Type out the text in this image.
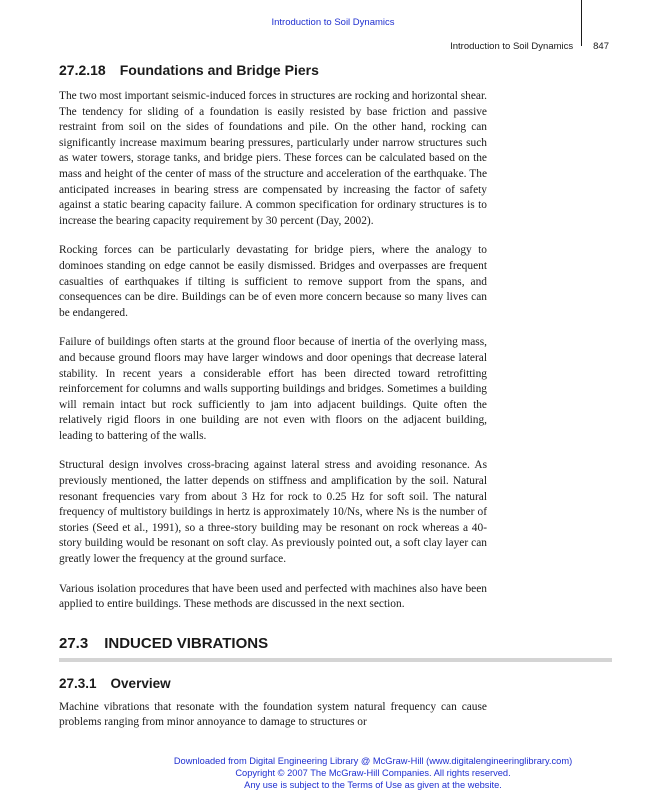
Introduction to Soil Dynamics
Introduction to Soil Dynamics 847
27.2.18 Foundations and Bridge Piers

The two most important seismic-induced forces in structures are rocking and horizontal shear. The tendency for sliding of a foundation is easily resisted by base friction and passive restraint from soil on the sides of foundations and pile. On the other hand, rocking can significantly increase maximum bearing pressures, particularly under narrow structures such as water towers, storage tanks, and bridge piers. These forces can be calculated based on the mass and height of the center of mass of the structure and acceleration of the earthquake. The anticipated increases in bearing stress are compensated by increasing the factor of safety against a static bearing capacity failure. A common specification for ordinary structures is to increase the bearing capacity requirement by 30 percent (Day, 2002).

Rocking forces can be particularly devastating for bridge piers, where the analogy to dominoes standing on edge cannot be easily dismissed. Bridges and overpasses are frequent casualties of earthquakes if tilting is sufficient to remove support from the spans, and consequences can be dire. Buildings can be of even more concern because so many lives can be endangered.

Failure of buildings often starts at the ground floor because of inertia of the overlying mass, and because ground floors may have larger windows and door openings that decrease lateral stability. In recent years a considerable effort has been directed toward retrofitting reinforcement for columns and walls supporting buildings and bridges. Sometimes a building will remain intact but rock sufficiently to jam into adjacent buildings. Quite often the relatively rigid floors in one building are not even with floors on the adjacent building, leading to battering of the walls.

Structural design involves cross-bracing against lateral stress and avoiding resonance. As previously mentioned, the latter depends on stiffness and amplification by the soil. Natural resonant frequencies vary from about 3 Hz for rock to 0.25 Hz for soft soil. The natural frequency of multistory buildings in hertz is approximately 10/Ns, where Ns is the number of stories (Seed et al., 1991), so a three-story building may be resonant on rock whereas a 40-story building would be resonant on soft clay. As previously pointed out, a soft clay layer can greatly lower the frequency at the ground surface.

Various isolation procedures that have been used and perfected with machines also have been applied to entire buildings. These methods are discussed in the next section.

27.3 INDUCED VIBRATIONS
27.3.1 Overview

Machine vibrations that resonate with the foundation system natural frequency can cause problems ranging from minor annoyance to damage to structures or

Downloaded from Digital Engineering Library @ McGraw-Hill (www.digitalengineeringlibrary.com)
Copyright © 2007 The McGraw-Hill Companies. All rights reserved.
Any use is subject to the Terms of Use as given at the website.
